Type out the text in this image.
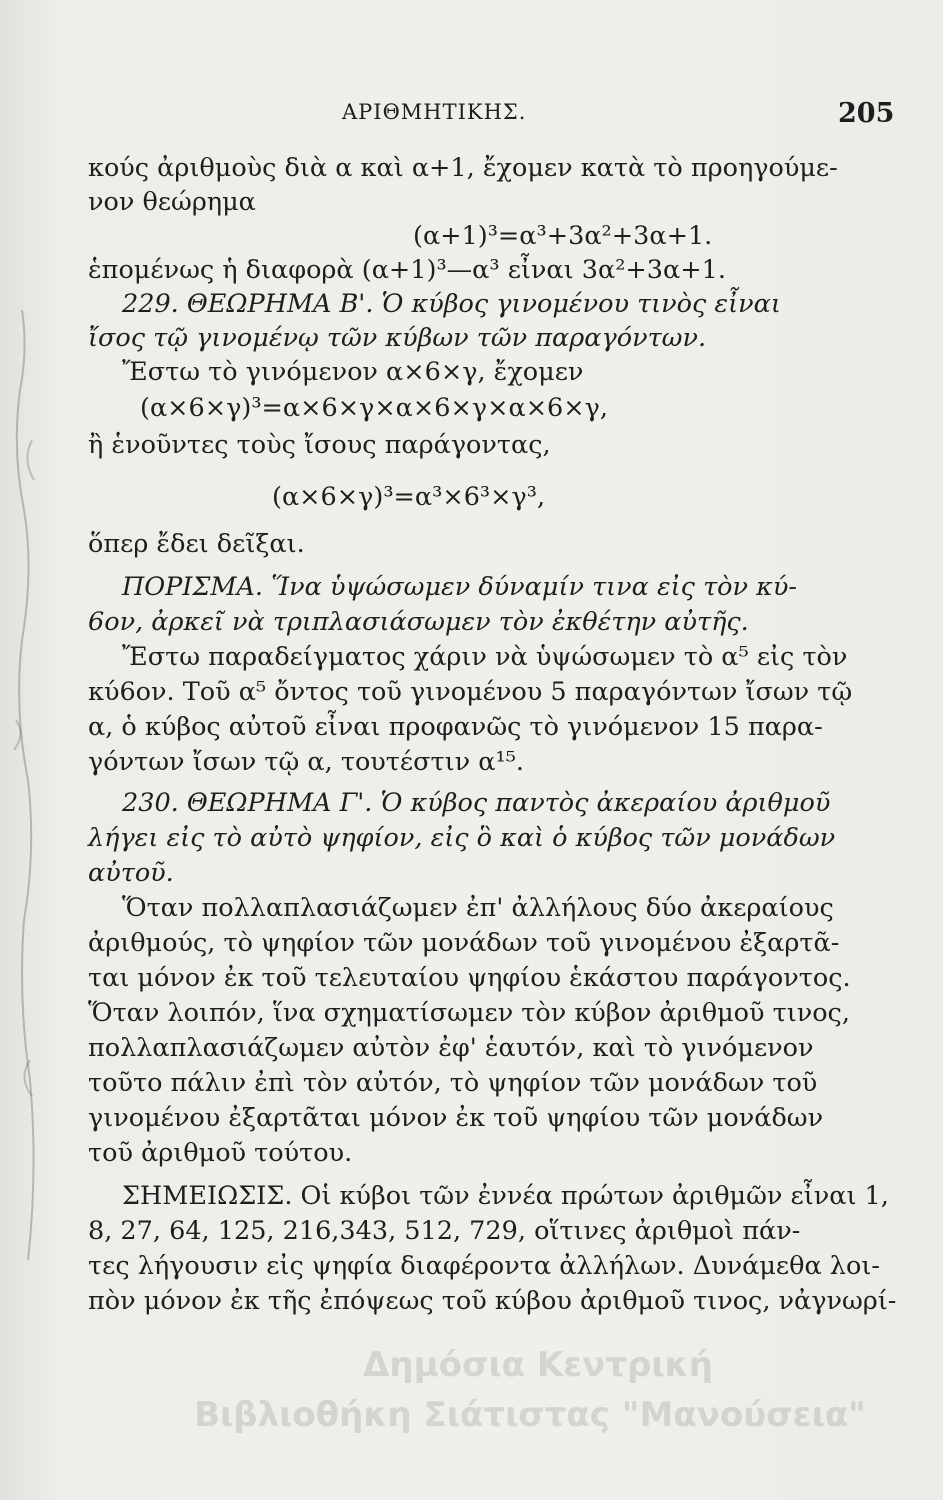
ΑΡΙΘΜΗΤΙΚΗΣ.	205
κούς ἀριθμοὺς διὰ α καὶ α+1, ἔχομεν κατὰ τὸ προηγούμε-
νον θεώρημα
(α+1)³=α³+3α²+3α+1.
ἑπομένως ἡ διαφορὰ (α+1)³—α³ εἶναι 3α²+3α+1.
229. ΘΕΩΡΗΜΑ Β'. Ὁ κύβος γινομένου τινὸς εἶναι
ἴσος τῷ γινομένῳ τῶν κύβων τῶν παραγόντων.
Ἔστω τὸ γινόμενον α×6×γ, ἔχομεν
(α×6×γ)³=α×6×γ×α×6×γ×α×6×γ,
ἢ ἑνοῦντες τοὺς ἴσους παράγοντας,
(α×6×γ)³=α³×6³×γ³,
ὅπερ ἔδει δεῖξαι.
ΠΟΡΙΣΜΑ. Ἵνα ὑψώσωμεν δύναμίν τινα εἰς τὸν κύ-
6ον, ἀρκεῖ νὰ τριπλασιάσωμεν τὸν ἐκθέτην αὐτῆς.
Ἔστω παραδείγματος χάριν νὰ ὑψώσωμεν τὸ α⁵ εἰς τὸν
κύ6ον. Τοῦ α⁵ ὄντος τοῦ γινομένου 5 παραγόντων ἴσων τῷ
α, ὁ κύβος αὐτοῦ εἶναι προφανῶς τὸ γινόμενον 15 παρα-
γόντων ἴσων τῷ α, τουτέστιν α¹⁵.
230. ΘΕΩΡΗΜΑ Γ'. Ὁ κύβος παντὸς ἀκεραίου ἀριθμοῦ
λήγει εἰς τὸ αὐτὸ ψηφίον, εἰς ὃ καὶ ὁ κύβος τῶν μονάδων
αὐτοῦ.
Ὅταν πολλαπλασιάζωμεν ἐπ' ἀλλήλους δύο ἀκεραίους
ἀριθμούς, τὸ ψηφίον τῶν μονάδων τοῦ γινομένου ἐξαρτᾶ-
ται μόνον ἐκ τοῦ τελευταίου ψηφίου ἑκάστου παράγοντος.
Ὅταν λοιπόν, ἵνα σχηματίσωμεν τὸν κύβον ἀριθμοῦ τινος,
πολλαπλασιάζωμεν αὐτὸν ἐφ' ἑαυτόν, καὶ τὸ γινόμενον
τοῦτο πάλιν ἐπὶ τὸν αὐτόν, τὸ ψηφίον τῶν μονάδων τοῦ
γινομένου ἐξαρτᾶται μόνον ἐκ τοῦ ψηφίου τῶν μονάδων
τοῦ ἀριθμοῦ τούτου.
ΣΗΜΕΙΩΣΙΣ. Οἱ κύβοι τῶν ἐννέα πρώτων ἀριθμῶν εἶναι 1,
8, 27, 64, 125, 216,343, 512, 729, οἵτινες ἀριθμοὶ πάν-
τες λήγουσιν εἰς ψηφία διαφέροντα ἀλλήλων. Δυνάμεθα λοι-
πὸν μόνον ἐκ τῆς ἐπόψεως τοῦ κύβου ἀριθμοῦ τινος, νἀγνωρί-
Δημόσια Κεντρική
Βιβλιοθήκη Σιάτιστας "Μανούσεια"
